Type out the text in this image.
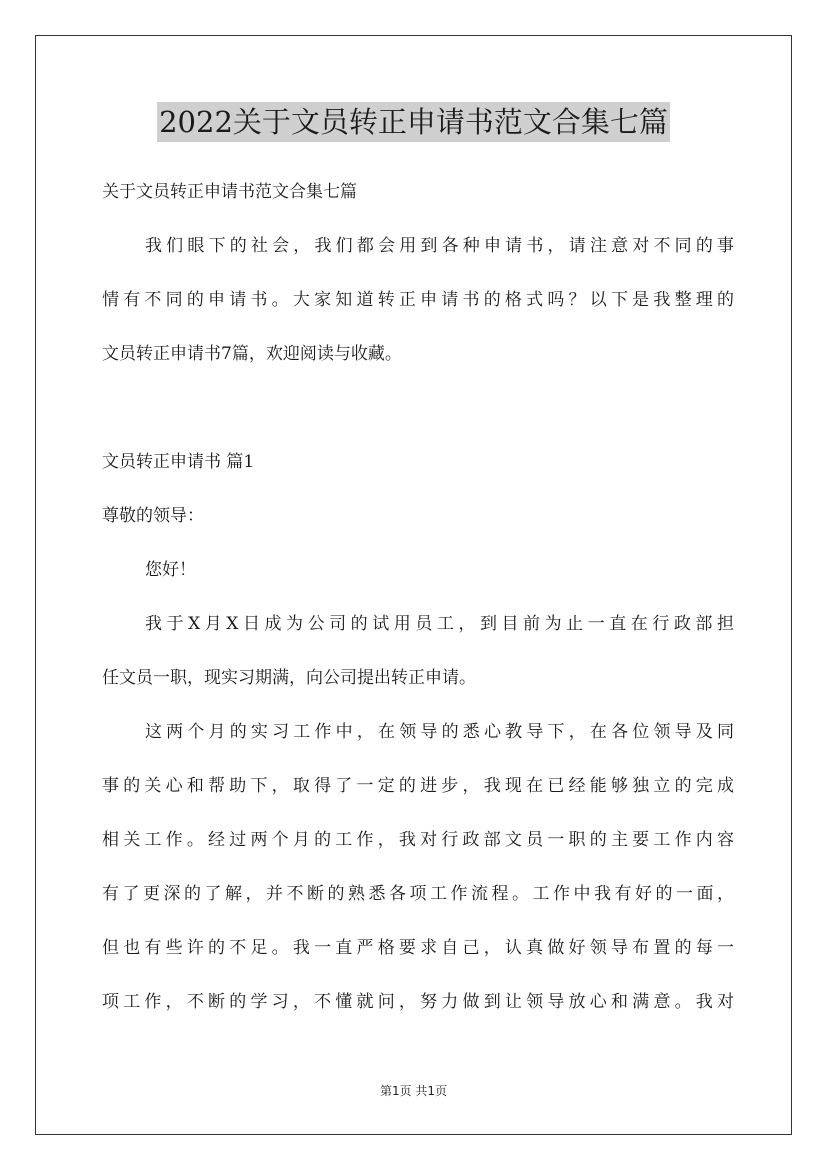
2022关于文员转正申请书范文合集七篇

关于文员转正申请书范文合集七篇

我们眼下的社会，我们都会用到各种申请书，请注意对不同的事

情有不同的申请书。大家知道转正申请书的格式吗？以下是我整理的

文员转正申请书7篇，欢迎阅读与收藏。

文员转正申请书 篇1

尊敬的领导：

您好！

我于X月X日成为公司的试用员工，到目前为止一直在行政部担

任文员一职，现实习期满，向公司提出转正申请。

这两个月的实习工作中，在领导的悉心教导下，在各位领导及同

事的关心和帮助下，取得了一定的进步，我现在已经能够独立的完成

相关工作。经过两个月的工作，我对行政部文员一职的主要工作内容

有了更深的了解，并不断的熟悉各项工作流程。工作中我有好的一面，

但也有些许的不足。我一直严格要求自己，认真做好领导布置的每一

项工作，不断的学习，不懂就问，努力做到让领导放心和满意。我对

第1页 共1页
